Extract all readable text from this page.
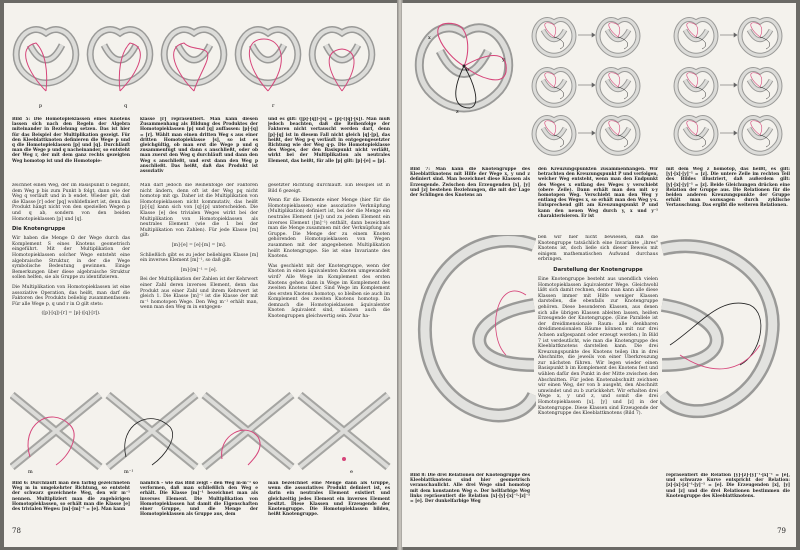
p	q	r
Bild 5: Die Homotopieklassen eines Knotens lassen sich nach den Regeln der Algebra miteinander in Beziehung setzen. Das ist hier für das Beispiel der Multiplikation gezeigt. Für den Kleeblattknoten definieren die Wege p und q die Homotopieklassen [p] und [q]. Durchläuft man die Wege p und q nacheinander, so entsteht der Weg r, der mit dem ganz rechts gezeigten Weg homotop ist und die Homotopie-
klasse [r] repräsentiert. Man kann diesen Zusammenhang als Bildung des Produktes der Homotopieklassen [p] und [q] auffassen: [p]·[q] = [r]. Wählt man einen dritten Weg s aus einer dritten Homotopieklasse [s], so ist es gleichgültig, ob man erst die Wege p und q zusammenfügt und dann s anschließt, oder ob man zuerst den Weg q durchläuft und dann den Weg s anschließt, und erst dann den Weg p anschließt. Das heißt, daß das Produkt ist assoziativ
und es gilt: ([p]·[q])·[s] = [p]·([q]·[s]). Man muß jedoch beachten, daß die Reihenfolge der Faktoren nicht vertauscht werden darf, denn [p]·[q] ist in diesem Fall nicht gleich [q]·[p], das heißt, der Weg p·q verläuft in entgegengesetzter Richtung wie der Weg q·p. Die Homotopieklasse des Weges, der den Basispunkt nicht verläßt, wirkt bei der Multiplikation als neutrales Element, das heißt, für alle [p] gilt: [p]·[e] = [p].
zeichnet einen Weg, der im Basispunkt b beginnt, dem Weg p bis zum Punkt b folgt, dann wie der Weg q verläuft und in b endet. Wieder gilt, daß die Klasse [r] oder [pq] wohldefiniert ist, denn das Produkt hängt nicht von den speziellen Wegen p und q ab, sondern von den beiden Homotopieklassen [p] und [q].
Die Knotengruppe
Wir haben die Menge Ω der Wege durch das Komplement S eines Knotens geometrisch eingeführt. Mit der Multiplikation der Homotopieklassen solcher Wege entsteht eine algebraische Struktur, in der die Wege symbolische Bedeutung gewinnen. Einige Bemerkungen über diese algebraische Struktur sollen helfen, sie als Gruppe zu identifizieren.
Die Multiplikation von Homotopieklassen ist eine assoziative Operation, das heißt, man darf die Faktoren des Produkts beliebig zusammenfassen: Für alle Wege p, q und r in Ω gilt stets:
([p]·[q])·[r] = [p]·([q]·[r]).
Man darf jedoch die Reihenfolge der Faktoren nicht ändern, denn oft ist der Weg pq nicht homotop mit qp. Daher ist die Multiplikation von Homotopieklassen nicht kommutativ, das heißt [p]·[q] kann sich von [q]·[p] unterscheiden. Die Klasse [e] des trivialen Weges wirkt bei der Multiplikation von Homotopieklassen als neutrales Element (wie die 1 bei der Multiplikation von Zahlen). Für jede Klasse [m] gilt:
[m]·[e] = [e]·[m] = [m].
Schließlich gibt es zu jeder beliebigen Klasse [m] ein inverses Element [m]⁻¹, so daß gilt:
[m]·[m]⁻¹ = [e].
Bei der Multiplikation der Zahlen ist der Kehrwert einer Zahl deren inverses Element, denn das Produkt aus einer Zahl und ihrem Kehrwert ist gleich 1. Die Klasse [m]⁻¹ ist die Klasse der mit m⁻¹ homotopen Wege. Den Weg m⁻¹ erhält man, wenn man den Weg m in entgegen-
gesetzter Richtung durchläuft. Ein Beispiel ist in Bild 6 gezeigt.
Wenn für die Elemente einer Menge (hier für die Homotopieklassen) eine assoziative Verknüpfung (Multiplikation) definiert ist, bei der die Menge ein neutrales Element ([e]) und zu jedem Element ein inverses Element ([m]⁻¹) enthält, dann bezeichnet man die Menge zusammen mit der Verknüpfung als Gruppe. Die Menge der zu einem Knoten gehörenden Homotopieklassen von Wegen zusammen mit der angegebenen Multiplikation heißt Knotengruppe. Sie ist eine Invariante des Knotens.
Was geschieht mit der Knotengruppe, wenn der Knoten in einen äquivalenten Knoten umgewandelt wird? Alle Wege im Komplement des ersten Knotens gehen dann in Wege im Komplement des zweiten Knotens über. Sind Wege im Komplement des ersten Knotens homotop, so bleiben sie auch im Komplement des zweiten Knotens homotop. Da demnach die Homotopieklassen äquivalenter Knoten äquivalent sind, müssen auch die Knotengruppen gleichwertig sein. Zwar ha-
m	m⁻¹	e
Bild 6: Durchläuft man den farbig gezeichneten Weg m in umgekehrter Richtung, so entsteht der schwarz gezeichnete Weg, den wir m⁻¹ nennen. Multipliziert man die zugehörigen Homotopieklassen, so erhält man die Klasse [e] des trivialen Weges: [m]·[m]⁻¹ = [e]. Man kann
nämlich – wie das Bild zeigt – den Weg m·m⁻¹ so verformen, daß man schließlich den Weg e erhält. Die Klasse [m]⁻¹ bezeichnet man als inverses Element. Die Multiplikation von Homotopieklassen hat damit die Eigenschaften einer Gruppe, und die Menge der Homotopieklassen als Gruppe aus, dem
man bezeichnet eine Menge dann als Gruppe, wenn die assoziatives Produkt definiert ist, es darin ein neutrales Element existiert und gleichzeitig jedes Element ein inverses Element besitzt. Diese Klassen und Erzeugende der Knotengruppe. Die Homotopieklassen bilden, heißt Knotengruppe.
78
b
x
y
z
Bild 7: Man kann die Knotengruppe des Kleeblattknotens mit Hilfe der Wege x, y und z definiert sind. Man bezeichnet diese Klassen als Erzeugende. Zwischen den Erzeugenden [x], [y] und [z] bestehen Beziehungen, die mit der Lage der Schlingen des Knotens an
den Kreuzungspunkten zusammenhängen. Wir betrachten den Kreuzungspunkt P und verfolgen, welcher Weg entsteht, wenn man den Endpunkt des Weges x entlang des Weges y verschiebt (obere Zeile). Dann erhält man den mit x·y homotopen Weg. Verschiebt man den Weg y entlang des Weges x, so erhält man den Weg y·x. Entsprechend gilt am Kreuzungspunkt P und kann den neuen Weg durch y, x und y⁻¹ charakterisieren. Er ist
mit dem Weg z homotop, das heißt, es gilt: [y]·[x]·[y]⁻¹ = [z]. Die untere Zeile im rechten Teil des Bildes illustriert, daß außerdem gilt: [y]·[x]·[y]⁻¹ = [z]. Beide Gleichungen drücken eine Relation der Gruppe aus. Die Relationen für die beiden anderen Kreuzungspunkte der Gruppe erhält man sozusagen durch zyklische Vertauschung. Das ergibt die weiteren Relationen.
ben wir hier nicht bewiesen, daß die Knotengruppe tatsächlich eine Invariante „ihres" Knotens ist, doch ließe sich dieser Beweis mit einigem mathematischen Aufwand durchaus erbringen.
Darstellung der Knotengruppe
Eine Knotengruppe besteht aus unendlich vielen Homotopieklassen äquivalenter Wege. Gleichwohl läßt sich damit rechnen, denn man kann alle diese Klassen immer mit Hilfe weniger Klassen darstellen, die ebenfalls zur Knotengruppe gehören. Diese besonderen Klassen, aus denen sich alle übrigen Klassen ableiten lassen, heißen Erzeugende der Knotengruppe. (Eine Parallele ist der dreidimensionale Raum: alle denkbaren dreidimensionalen Räume können mit nur drei Achsen aufgespannt oder erzeugt werden.) In Bild 7 ist verdeutlicht, wie man die Knotengruppe des Kleeblattknotens darstellen kann. Die drei Kreuzungspunkte des Knotens teilen ihn in drei Abschnitte, die jeweils von einer Überkreuzung zur nächsten führen. Wir legen wieder einen Basispunkt b im Komplement des Knotens fest und wählen dafür den Punkt in der Mitte zwischen den Abschnitten. Für jeden Knotenabschnitt zeichnen wir einen Weg, der von b ausgeht, den Abschnitt umwindet und zu b zurückkehrt. Wir erhalten drei Wege x, y und z, und somit die drei Homotopieklassen [x], [y] und [z] in der Knotengruppe. Diese Klassen sind Erzeugende der Knotengruppe des Kleeblattknotens (Bild 7).
Bild 8: Die drei Relationen der Knotengruppe des Kleeblattknotens sind hier geometrisch veranschaulicht. Alle drei Wege sind homotop mit dem konstanten Weg e. Der hellfarbige Weg links repräsentiert die Relation [x]·[y]·[x]⁻¹·[z]⁻¹ = [e]. Der dunkelfarbige Weg
repräsentiert die Relation [y]·[z]·[y]⁻¹·[x]⁻¹ = [e], und schwarze Kurve entspricht der Relation: [z]·[x]·[z]⁻¹·[y]⁻¹ = [e]. Die Erzeugenden [x], [y] und [z] und die drei Relationen bestimmen die Knotengruppe des Kleeblattknotens.
79
